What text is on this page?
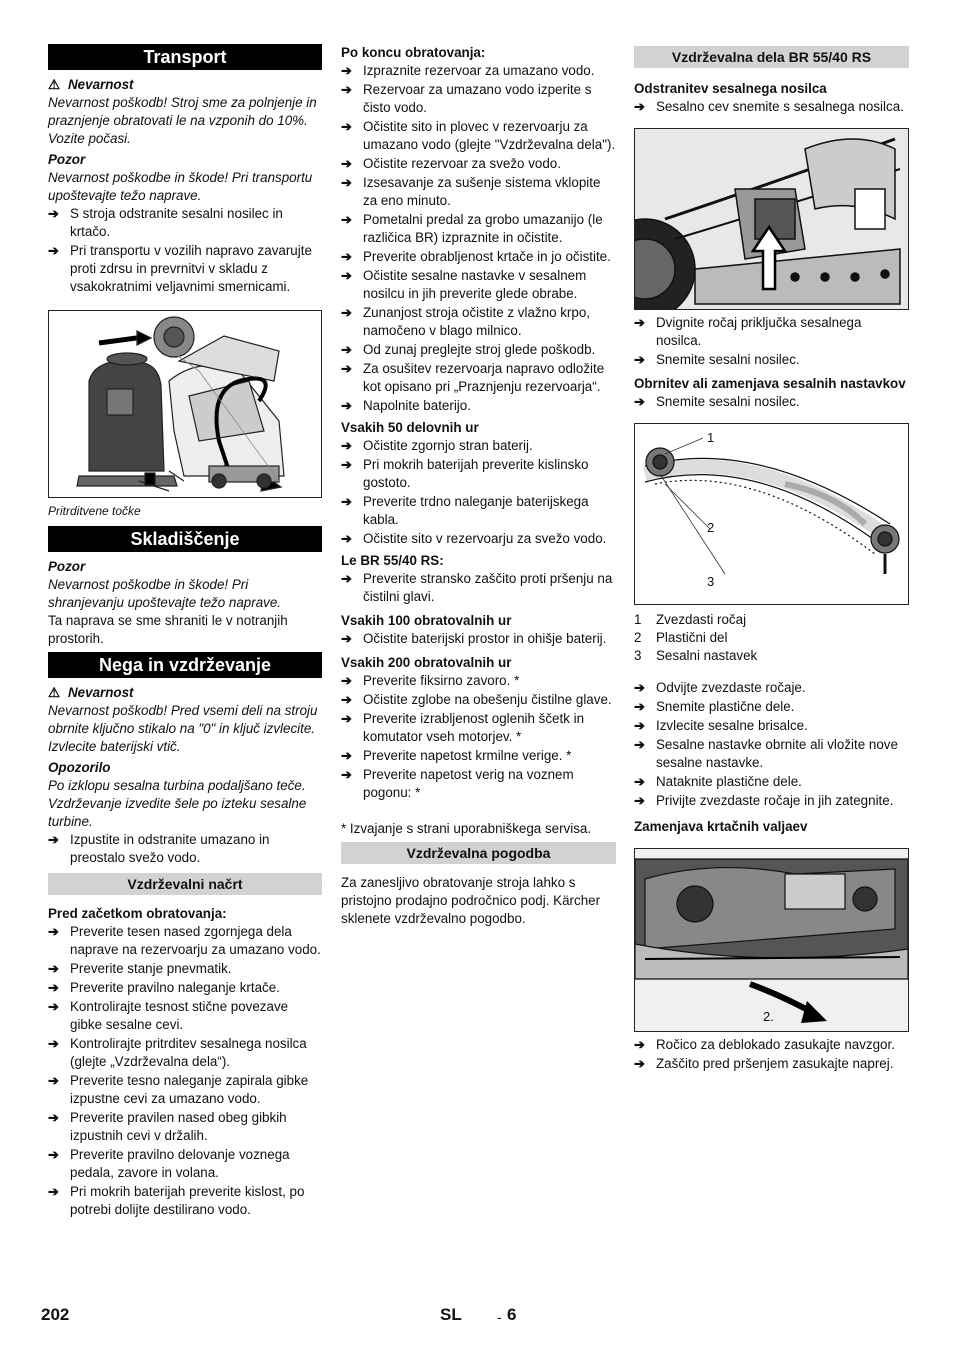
Transport
⚠ Nevarnost
Nevarnost poškodb! Stroj sme za polnjenje in praznjenje obratovati le na vzponih do 10%. Vozite počasi.
Pozor
Nevarnost poškodbe in škode! Pri transportu upoštevajte težo naprave.
➔ S stroja odstranite sesalni nosilec in krtačo.
➔ Pri transportu v vozilih napravo zavarujte proti zdrsu in prevrnitvi v skladu z vsakokratnimi veljavnimi smernicami.
Pritrditvene točke
Skladiščenje
Pozor
Nevarnost poškodbe in škode! Pri shranjevanju upoštevajte težo naprave.
Ta naprava se sme shraniti le v notranjih prostorih.
Nega in vzdrževanje
⚠ Nevarnost
Nevarnost poškodb! Pred vsemi deli na stroju obrnite ključno stikalo na "0" in ključ izvlecite. Izvlecite baterijski vtič.
Opozorilo
Po izklopu sesalna turbina podaljšano teče. Vzdrževanje izvedite šele po izteku sesalne turbine.
➔ Izpustite in odstranite umazano in preostalo svežo vodo.
Vzdrževalni načrt
Pred začetkom obratovanja:
➔ Preverite tesen nased zgornjega dela naprave na rezervoarju za umazano vodo.
➔ Preverite stanje pnevmatik.
➔ Preverite pravilno naleganje krtače.
➔ Kontrolirajte tesnost stične povezave gibke sesalne cevi.
➔ Kontrolirajte pritrditev sesalnega nosilca (glejte „Vzdrževalna dela“).
➔ Preverite tesno naleganje zapirala gibke izpustne cevi za umazano vodo.
➔ Preverite pravilen nased obeg gibkih izpustnih cevi v držalih.
➔ Preverite pravilno delovanje voznega pedala, zavore in volana.
➔ Pri mokrih baterijah preverite kislost, po potrebi dolijte destilirano vodo.
Po koncu obratovanja:
➔ Izpraznite rezervoar za umazano vodo.
➔ Rezervoar za umazano vodo izperite s čisto vodo.
➔ Očistite sito in plovec v rezervoarju za umazano vodo (glejte "Vzdrževalna dela").
➔ Očistite rezervoar za svežo vodo.
➔ Izsesavanje za sušenje sistema vklopite za eno minuto.
➔ Pometalni predal za grobo umazanijo (le različica BR) izpraznite in očistite.
➔ Preverite obrabljenost krtače in jo očistite.
➔ Očistite sesalne nastavke v sesalnem nosilcu in jih preverite glede obrabe.
➔ Zunanjost stroja očistite z vlažno krpo, namočeno v blago milnico.
➔ Od zunaj preglejte stroj glede poškodb.
➔ Za osušitev rezervoarja napravo odložite kot opisano pri „Praznjenju rezervoarja“.
➔ Napolnite baterijo.
Vsakih 50 delovnih ur
➔ Očistite zgornjo stran baterij.
➔ Pri mokrih baterijah preverite kislinsko gostoto.
➔ Preverite trdno naleganje baterijskega kabla.
➔ Očistite sito v rezervoarju za svežo vodo.
Le BR 55/40 RS:
➔ Preverite stransko zaščito proti pršenju na čistilni glavi.
Vsakih 100 obratovalnih ur
➔ Očistite baterijski prostor in ohišje baterij.
Vsakih 200 obratovalnih ur
➔ Preverite fiksirno zavoro. *
➔ Očistite zglobe na obešenju čistilne glave.
➔ Preverite izrabljenost oglenih ščetk in komutator vseh motorjev. *
➔ Preverite napetost krmilne verige. *
➔ Preverite napetost verig na voznem pogonu: *
* Izvajanje s strani uporabniškega servisa.
Vzdrževalna pogodba
Za zanesljivo obratovanje stroja lahko s pristojno prodajno področnico podj. Kärcher sklenete vzdrževalno pogodbo.
Vzdrževalna dela BR 55/40 RS
Odstranitev sesalnega nosilca
➔ Sesalno cev snemite s sesalnega nosilca.
➔ Dvignite ročaj priključka sesalnega nosilca.
➔ Snemite sesalni nosilec.
Obrnitev ali zamenjava sesalnih nastavkov
➔ Snemite sesalni nosilec.
1
2
3
1 Zvezdasti ročaj
2 Plastični del
3 Sesalni nastavek
➔ Odvijte zvezdaste ročaje.
➔ Snemite plastične dele.
➔ Izvlecite sesalne brisalce.
➔ Sesalne nastavke obrnite ali vložite nove sesalne nastavke.
➔ Nataknite plastične dele.
➔ Privijte zvezdaste ročaje in jih zategnite.
Zamenjava krtačnih valjaev
2.
➔ Ročico za deblokado zasukajte navzgor.
➔ Zaščito pred pršenjem zasukajte naprej.
202	SL	- 6
